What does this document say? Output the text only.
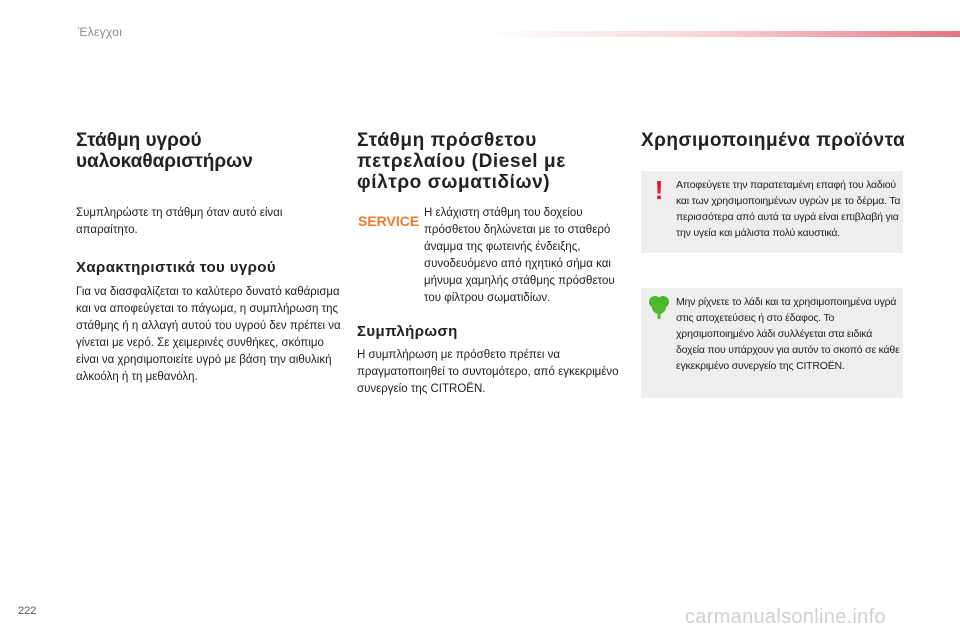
Έλεγχοι
Στάθμη υγρού υαλοκαθαριστήρων

Συμπληρώστε τη στάθμη όταν αυτό είναι απαραίτητο.

Χαρακτηριστικά του υγρού

Για να διασφαλίζεται το καλύτερο δυνατό καθάρισμα και να αποφεύγεται το πάγωμα, η συμπλήρωση της στάθμης ή η αλλαγή αυτού του υγρού δεν πρέπει να γίνεται με νερό. Σε χειμερινές συνθήκες, σκόπιμο είναι να χρησιμοποιείτε υγρό με βάση την αιθυλική αλκοόλη ή τη μεθανόλη.

Στάθμη πρόσθετου πετρελαίου (Diesel με φίλτρο σωματιδίων)
SERVICE Η ελάχιστη στάθμη του δοχείου πρόσθετου δηλώνεται με το σταθερό άναμμα της φωτεινής ένδειξης, συνοδευόμενο από ηχητικό σήμα και μήνυμα χαμηλής στάθμης πρόσθετου του φίλτρου σωματιδίων.

Συμπλήρωση

Η συμπλήρωση με πρόσθετο πρέπει να πραγματοποιηθεί το συντομότερο, από εγκεκριμένο συνεργείο της CITROËN.

Χρησιμοποιημένα προϊόντα
!	Αποφεύγετε την παρατεταμένη επαφή του λαδιού και των χρησιμοποιημένων υγρών με το δέρμα. Τα περισσότερα από αυτά τα υγρά είναι επιβλαβή για την υγεία και μάλιστα πολύ καυστικά.
Μην ρίχνετε το λάδι και τα χρησιμοποιημένα υγρά στις αποχετεύσεις ή στο έδαφος. Το χρησιμοποιημένο λάδι συλλέγεται στα ειδικά δοχεία που υπάρχουν για αυτόν το σκοπό σε κάθε εγκεκριμένο συνεργείο της CITROËN.
222	carmanualsonline.info
